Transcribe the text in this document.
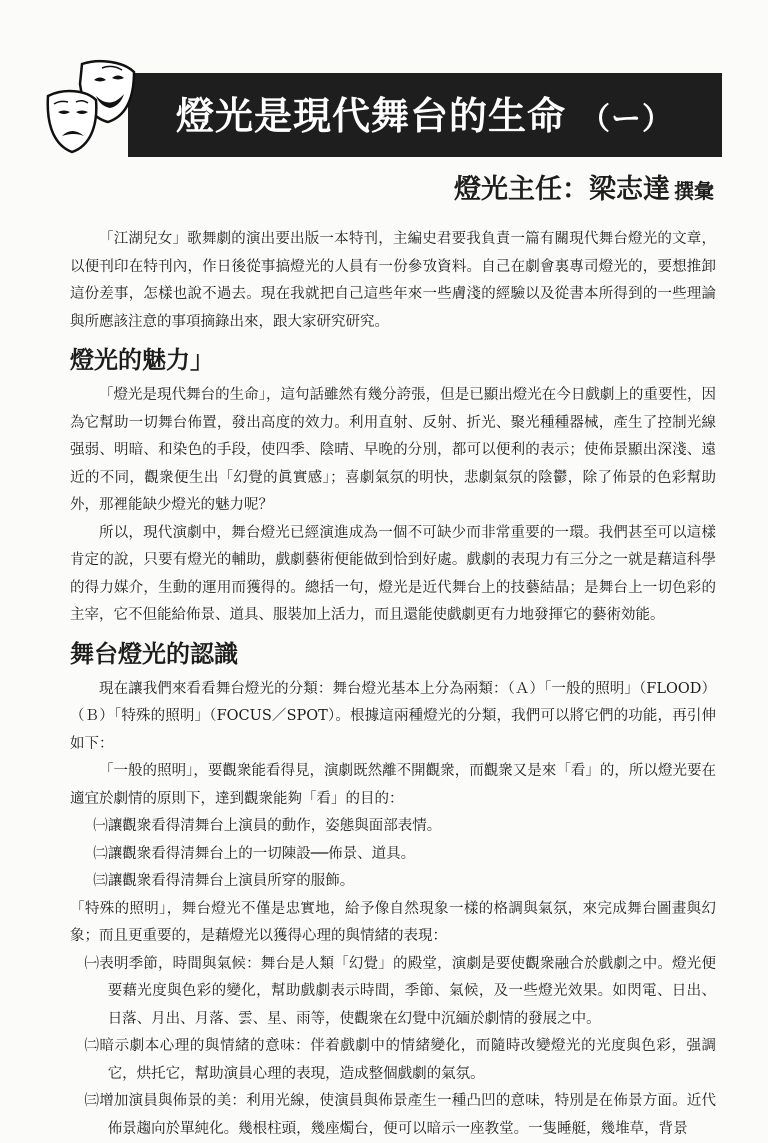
燈光是現代舞台的生命 （ー）
燈光主任：梁志達 撰彙

「江湖兒女」歌舞劇的演出要出版一本特刊，主編史君要我負責一篇有關現代舞台燈光的文章，以便刊印在特刊內，作日後從事搞燈光的人員有一份參攷資料。自己在劇會裏專司燈光的，要想推卸這份差事，怎樣也說不過去。現在我就把自己這些年來一些膚淺的經驗以及從書本所得到的一些理論與所應該注意的事項摘錄出來，跟大家研究研究。

燈光的魅力」

「燈光是現代舞台的生命」，這句話雖然有幾分誇張，但是已顯出燈光在今日戲劇上的重要性，因為它幫助一切舞台佈置，發出高度的效力。利用直射、反射、折光、聚光種種器械，產生了控制光線强弱、明暗、和染色的手段，使四季、陰晴、早晚的分別，都可以便利的表示；使佈景顯出深淺、遠近的不同，觀衆便生出「幻覺的眞實感」；喜劇氣氛的明快，悲劇氣氛的陰鬱，除了佈景的色彩幫助外，那裡能缺少燈光的魅力呢？

所以，現代演劇中，舞台燈光已經演進成為一個不可缺少而非常重要的一環。我們甚至可以這樣肯定的說，只要有燈光的輔助，戲劇藝術便能做到恰到好處。戲劇的表現力有三分之一就是藉這科學的得力媒介，生動的運用而獲得的。總括一句，燈光是近代舞台上的技藝結晶；是舞台上一切色彩的主宰，它不但能給佈景、道具、服裝加上活力，而且還能使戲劇更有力地發揮它的藝術効能。

舞台燈光的認識

現在讓我們來看看舞台燈光的分類：舞台燈光基本上分為兩類：（Ａ）「一般的照明」（FLOOD）（Ｂ）「特殊的照明」（FOCUS／SPOT）。根據這兩種燈光的分類，我們可以將它們的功能，再引伸如下：

「一般的照明」，要觀衆能看得見，演劇既然離不開觀衆，而觀衆又是來「看」的，所以燈光要在適宜於劇情的原則下，達到觀衆能夠「看」的目的：

㈠讓觀衆看得清舞台上演員的動作，姿態與面部表情。

㈡讓觀衆看得清舞台上的一切陳設──佈景、道具。

㈢讓觀衆看得清舞台上演員所穿的服飾。

「特殊的照明」，舞台燈光不僅是忠實地，給予像自然現象一樣的格調與氣氛，來完成舞台圖畫與幻象；而且更重要的，是藉燈光以獲得心理的與情緒的表現：

㈠表明季節，時間與氣候：舞台是人類「幻覺」的殿堂，演劇是要使觀衆融合於戲劇之中。燈光便要藉光度與色彩的變化，幫助戲劇表示時間，季節、氣候，及一些燈光效果。如閃電、日出、日落、月出、月落、雲、星、雨等，使觀衆在幻覺中沉緬於劇情的發展之中。

㈡暗示劇本心理的與情緒的意味：伴着戲劇中的情緒變化，而隨時改變燈光的光度與色彩，强調它，烘托它，幫助演員心理的表現，造成整個戲劇的氣氛。

㈢增加演員與佈景的美：利用光線，使演員與佈景產生一種凸凹的意味，特別是在佈景方面。近代佈景趨向於單純化。幾根柱頭，幾座燭台，便可以暗示一座教堂。一隻睡艇，幾堆草，背景
